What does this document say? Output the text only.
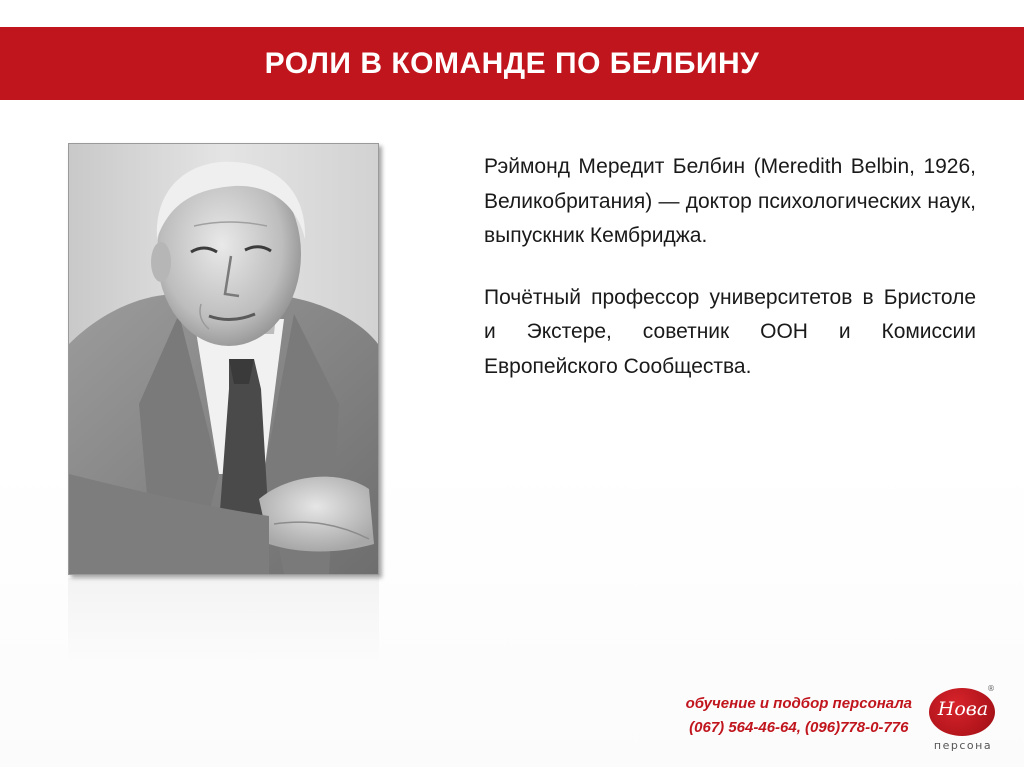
РОЛИ В КОМАНДЕ ПО БЕЛБИНУ

Рэймонд Мередит Белбин (Meredith Belbin, 1926, Великобритания) — доктор психологических наук, выпускник Кембриджа.

Почётный профессор университетов в Бристоле и Экстере, советник ООН и Комиссии Европейского Сообщества.

обучение и подбор персонала
(067) 564-46-64, (096)778-0-776
Нова
®
персона
